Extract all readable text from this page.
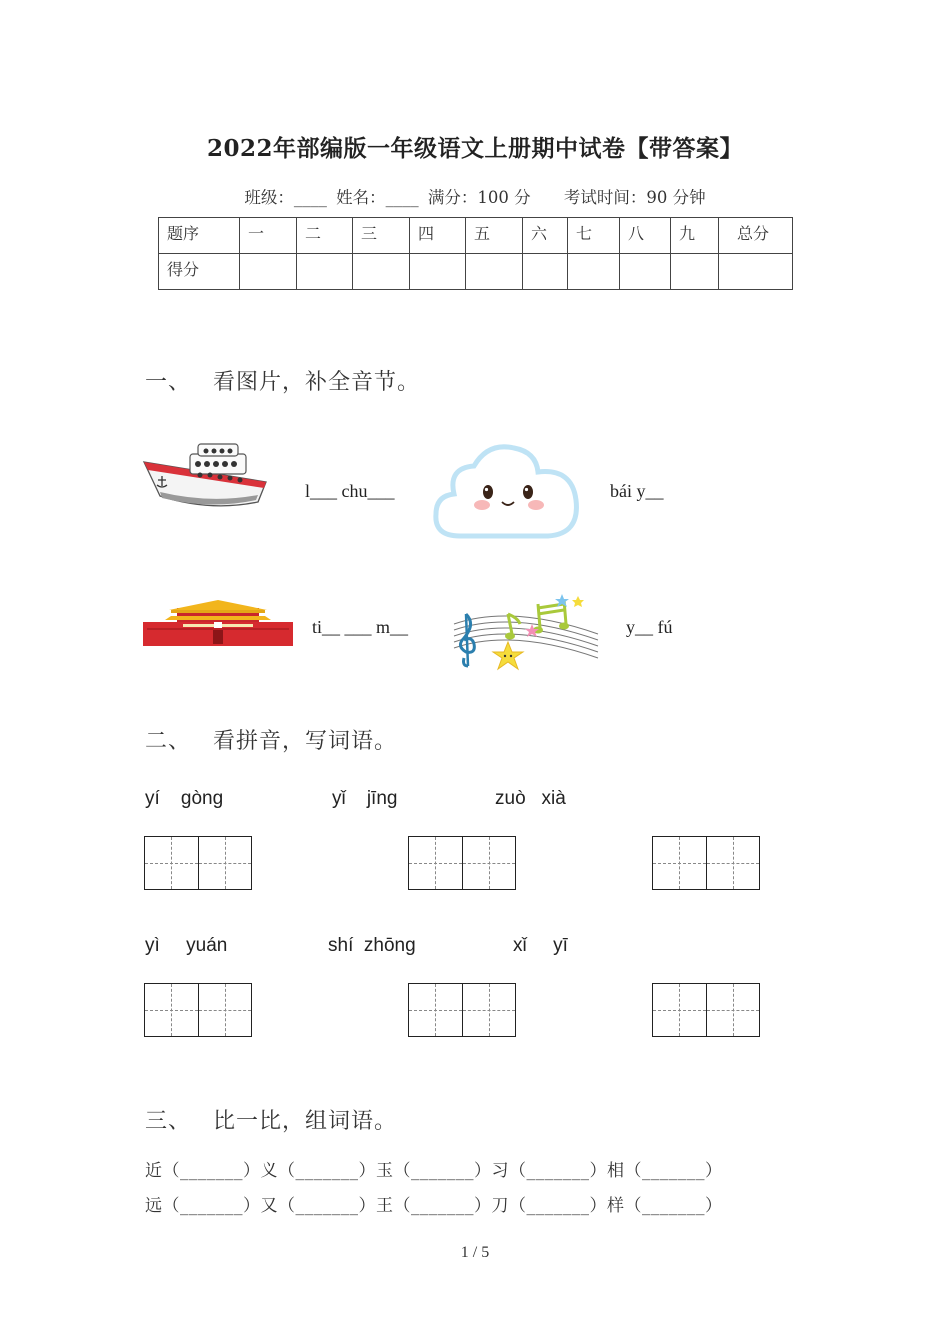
2022年部编版一年级语文上册期中试卷【带答案】
班级：____ 姓名：____ 满分：100 分 考试时间：90 分钟
题序	一	二	三	四	五	六	七	八	九	总分
得分										
一、 看图片，补全音节。
l___ chu___	bái y__
ti__ ___ m__	y__ fú
二、 看拼音，写词语。
yí    gòng	yǐ    jīng	zuò   xià
yì     yuán	shí  zhōng	xǐ     yī
三、 比一比，组词语。
近（_______）义（_______）玉（_______）习（_______）相（_______）
远（_______）又（_______）王（_______）刀（_______）样（_______）
1 / 5
